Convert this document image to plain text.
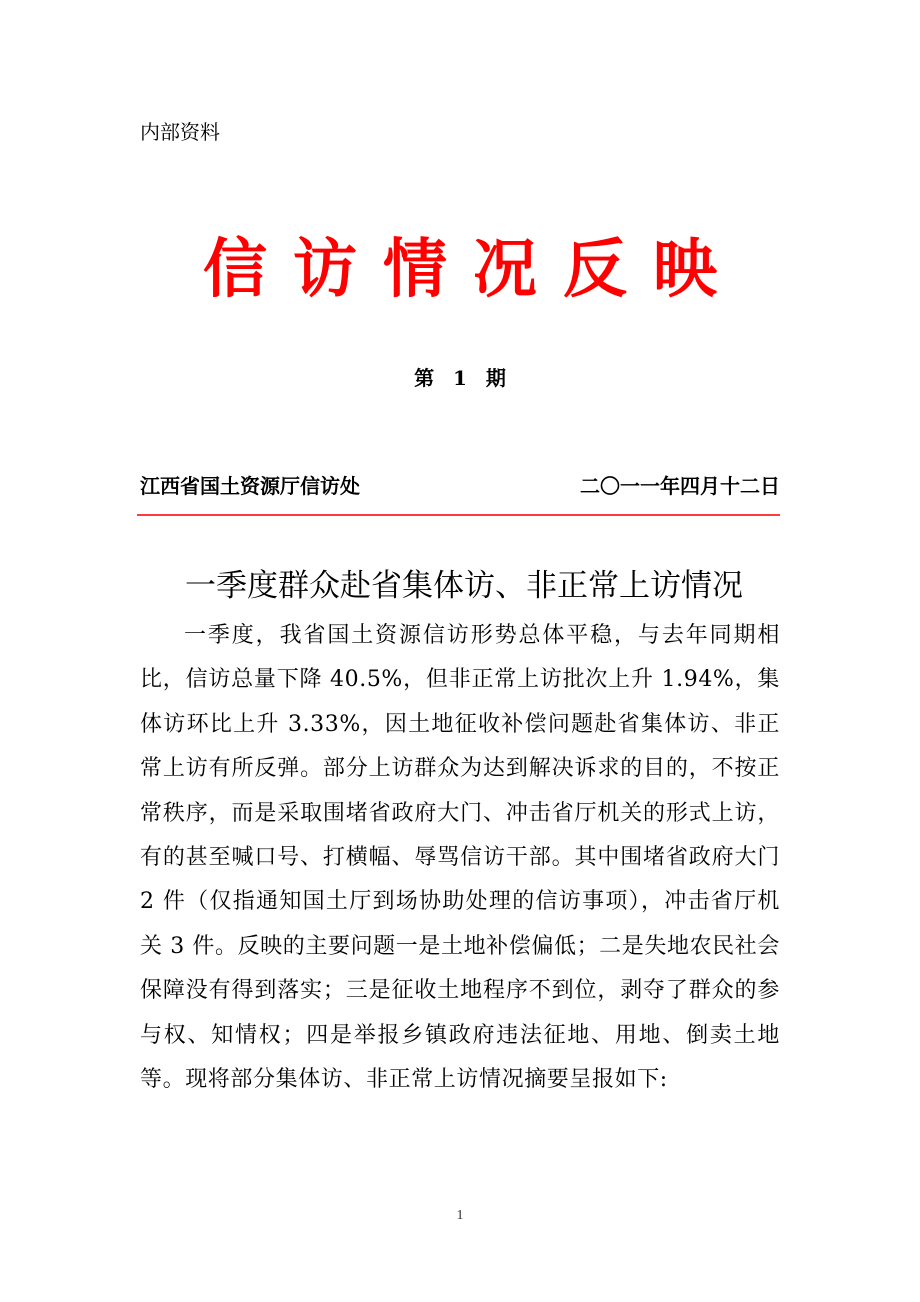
内部资料
信访情况反映
第 1 期
江西省国土资源厅信访处	二〇一一年四月十二日
一季度群众赴省集体访、非正常上访情况

一季度，我省国土资源信访形势总体平稳，与去年同期相比，信访总量下降 40.5%，但非正常上访批次上升 1.94%，集体访环比上升 3.33%，因土地征收补偿问题赴省集体访、非正常上访有所反弹。部分上访群众为达到解决诉求的目的，不按正常秩序，而是采取围堵省政府大门、冲击省厅机关的形式上访，有的甚至喊口号、打横幅、辱骂信访干部。其中围堵省政府大门 2 件（仅指通知国土厅到场协助处理的信访事项），冲击省厅机关 3 件。反映的主要问题一是土地补偿偏低；二是失地农民社会保障没有得到落实；三是征收土地程序不到位，剥夺了群众的参与权、知情权；四是举报乡镇政府违法征地、用地、倒卖土地等。现将部分集体访、非正常上访情况摘要呈报如下:

1
